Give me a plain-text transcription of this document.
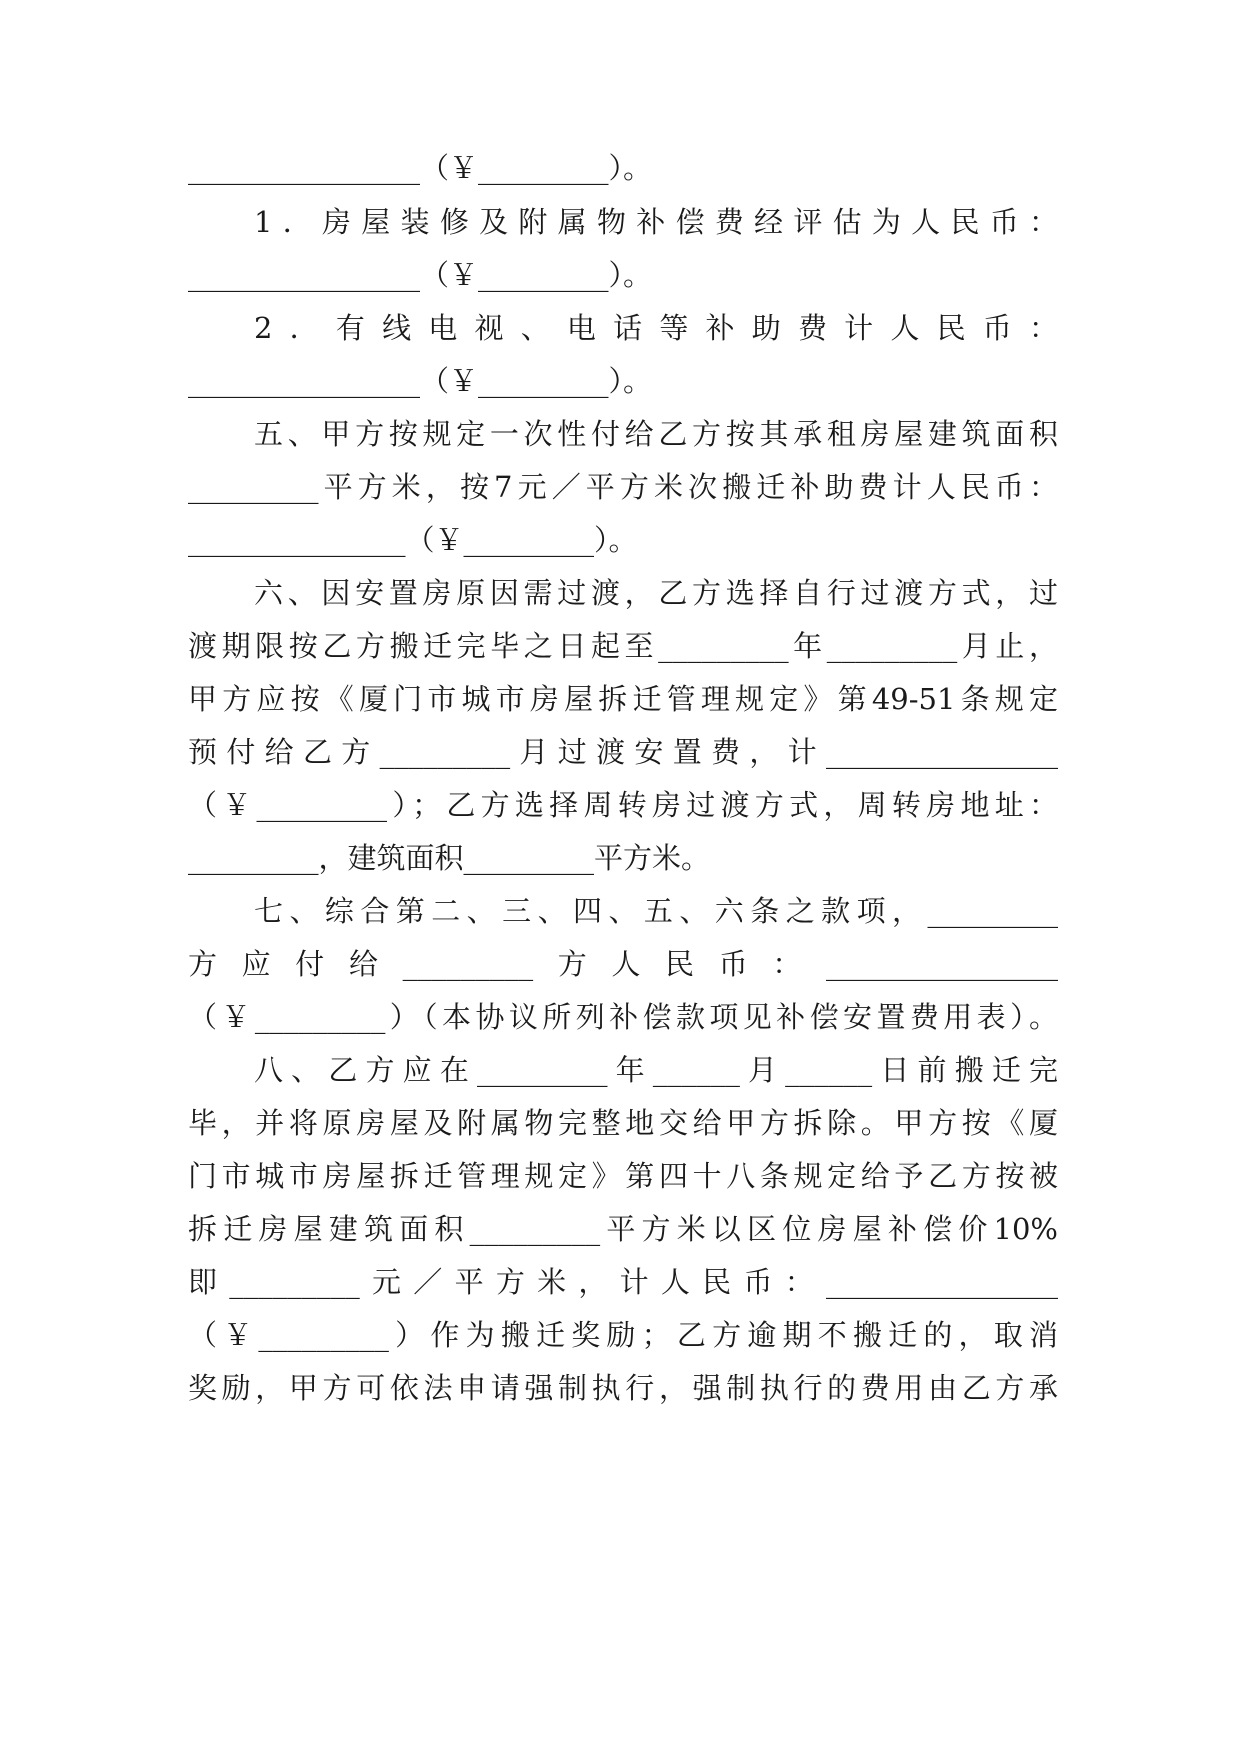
________________（￥_________）。
1．房屋装修及附属物补偿费经评估为人民币：
________________（￥_________）。
2．有线电视、电话等补助费计人民币：
________________（￥_________）。
五、甲方按规定一次性付给乙方按其承租房屋建筑面积
_________平方米，按7元／平方米次搬迁补助费计人民币：
_______________（￥_________）。
六、因安置房原因需过渡，乙方选择自行过渡方式，过
渡期限按乙方搬迁完毕之日起至_________年_________月止，
甲方应按《厦门市城市房屋拆迁管理规定》第49-51条规定
预付给乙方_________月过渡安置费，计________________
（￥_________）；乙方选择周转房过渡方式，周转房地址：
_________，建筑面积_________平方米。
七、综合第二、三、四、五、六条之款项，_________
方应付给_________方人民币：________________
（￥_________）（本协议所列补偿款项见补偿安置费用表）。
八、乙方应在_________年______月______日前搬迁完
毕，并将原房屋及附属物完整地交给甲方拆除。甲方按《厦
门市城市房屋拆迁管理规定》第四十八条规定给予乙方按被
拆迁房屋建筑面积_________平方米以区位房屋补偿价10%
即_________元／平方米，计人民币：________________
（￥_________）作为搬迁奖励；乙方逾期不搬迁的，取消
奖励，甲方可依法申请强制执行，强制执行的费用由乙方承
